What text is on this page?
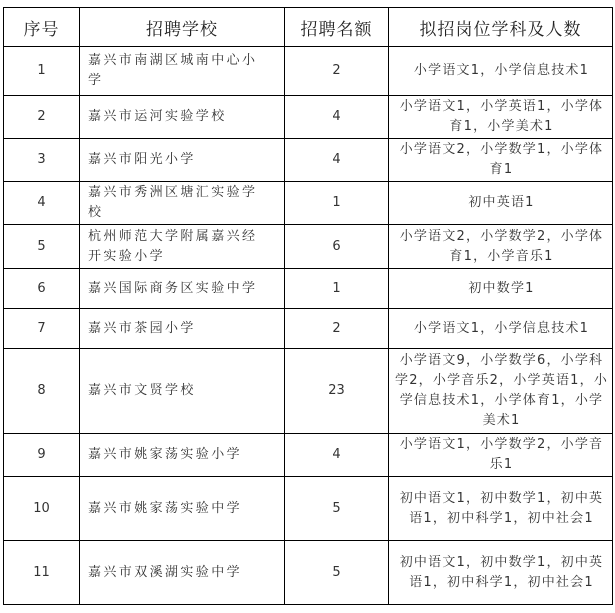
序号	招聘学校	招聘名额	拟招岗位学科及人数
1	嘉兴市南湖区城南中心小学	2	小学语文1，小学信息技术1
2	嘉兴市运河实验学校	4	小学语文1，小学英语1，小学体育1，小学美术1
3	嘉兴市阳光小学	4	小学语文2，小学数学1，小学体育1
4	嘉兴市秀洲区塘汇实验学校	1	初中英语1
5	杭州师范大学附属嘉兴经开实验小学	6	小学语文2，小学数学2，小学体育1，小学音乐1
6	嘉兴国际商务区实验中学	1	初中数学1
7	嘉兴市茶园小学	2	小学语文1，小学信息技术1
8	嘉兴市文贤学校	23	小学语文9，小学数学6，小学科学2，小学音乐2，小学英语1，小学信息技术1，小学体育1，小学美术1
9	嘉兴市姚家荡实验小学	4	小学语文1，小学数学2，小学音乐1
10	嘉兴市姚家荡实验中学	5	初中语文1，初中数学1，初中英语1，初中科学1，初中社会1
11	嘉兴市双溪湖实验中学	5	初中语文1，初中数学1，初中英语1，初中科学1，初中社会1
